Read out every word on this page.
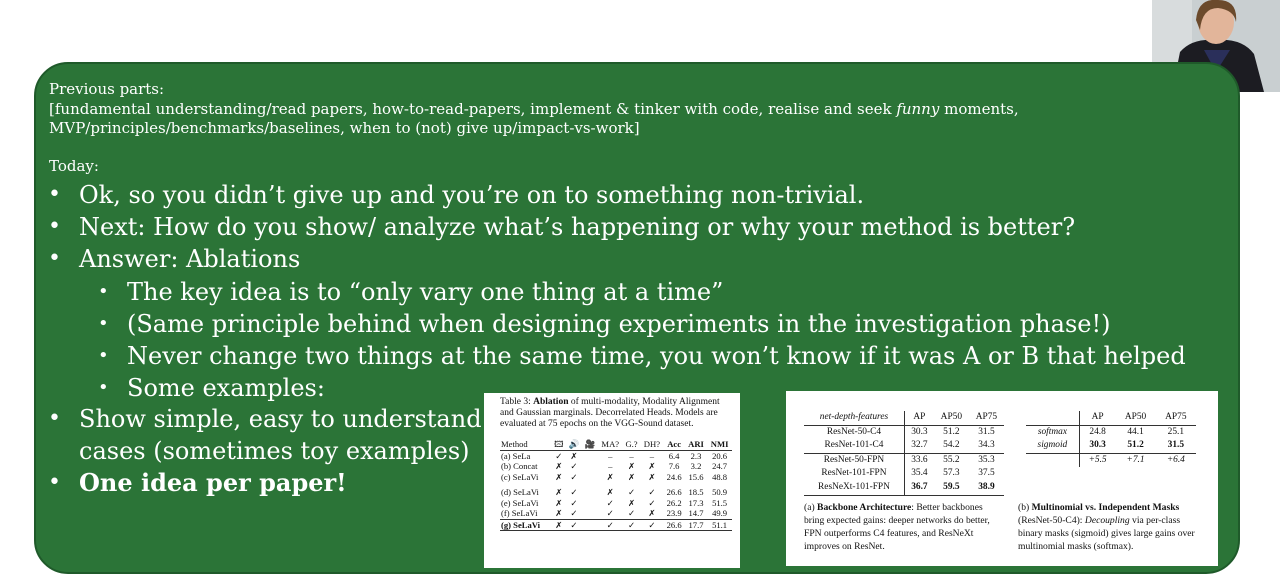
Previous parts:
[fundamental understanding/read papers, how-to-read-papers, implement & tinker with code, realise and seek funny moments,
MVP/principles/benchmarks/baselines, when to (not) give up/impact-vs-work]
Today:
• Ok, so you didn’t give up and you’re on to something non-trivial.
• Next: How do you show/ analyze what’s happening or why your method is better?
• Answer: Ablations
• The key idea is to “only vary one thing at a time”
• (Same principle behind when designing experiments in the investigation phase!)
• Never change two things at the same time, you won’t know if it was A or B that helped
• Some examples:
• Show simple, easy to understand
cases (sometimes toy examples)
• One idea per paper!
Table 3: Ablation of multi-modality, Modality Alignment and Gaussian marginals. Decorrelated Heads. Models are evaluated at 75 epochs on the VGG-Sound dataset.
Method	🖾	🔊	🎥	MA?	G.?	DH?	Acc	ARI	NMI
(a) SeLa	✓	✗		–	–	–	6.4	2.3	20.6
(b) Concat	✗	✓		–	✗	✗	7.6	3.2	24.7
(c) SeLaVi	✗	✓		✗	✗	✗	24.6	15.6	48.8
(d) SeLaVi	✗	✓		✗	✓	✓	26.6	18.5	50.9
(e) SeLaVi	✗	✓		✓	✗	✓	26.2	17.3	51.5
(f) SeLaVi	✗	✓		✓	✓	✗	23.9	14.7	49.9
(g) SeLaVi	✗	✓		✓	✓	✓	26.6	17.7	51.1
net-depth-features	AP	AP50	AP75
ResNet-50-C4	30.3	51.2	31.5
ResNet-101-C4	32.7	54.2	34.3
ResNet-50-FPN	33.6	55.2	35.3
ResNet-101-FPN	35.4	57.3	37.5
ResNeXt-101-FPN	36.7	59.5	38.9
	AP	AP50	AP75
softmax	24.8	44.1	25.1
sigmoid	30.3	51.2	31.5
	+5.5	+7.1	+6.4
(a) Backbone Architecture: Better backbones bring expected gains: deeper networks do better, FPN outperforms C4 features, and ResNeXt improves on ResNet.
(b) Multinomial vs. Independent Masks (ResNet-50-C4): Decoupling via per-class binary masks (sigmoid) gives large gains over multinomial masks (softmax).
